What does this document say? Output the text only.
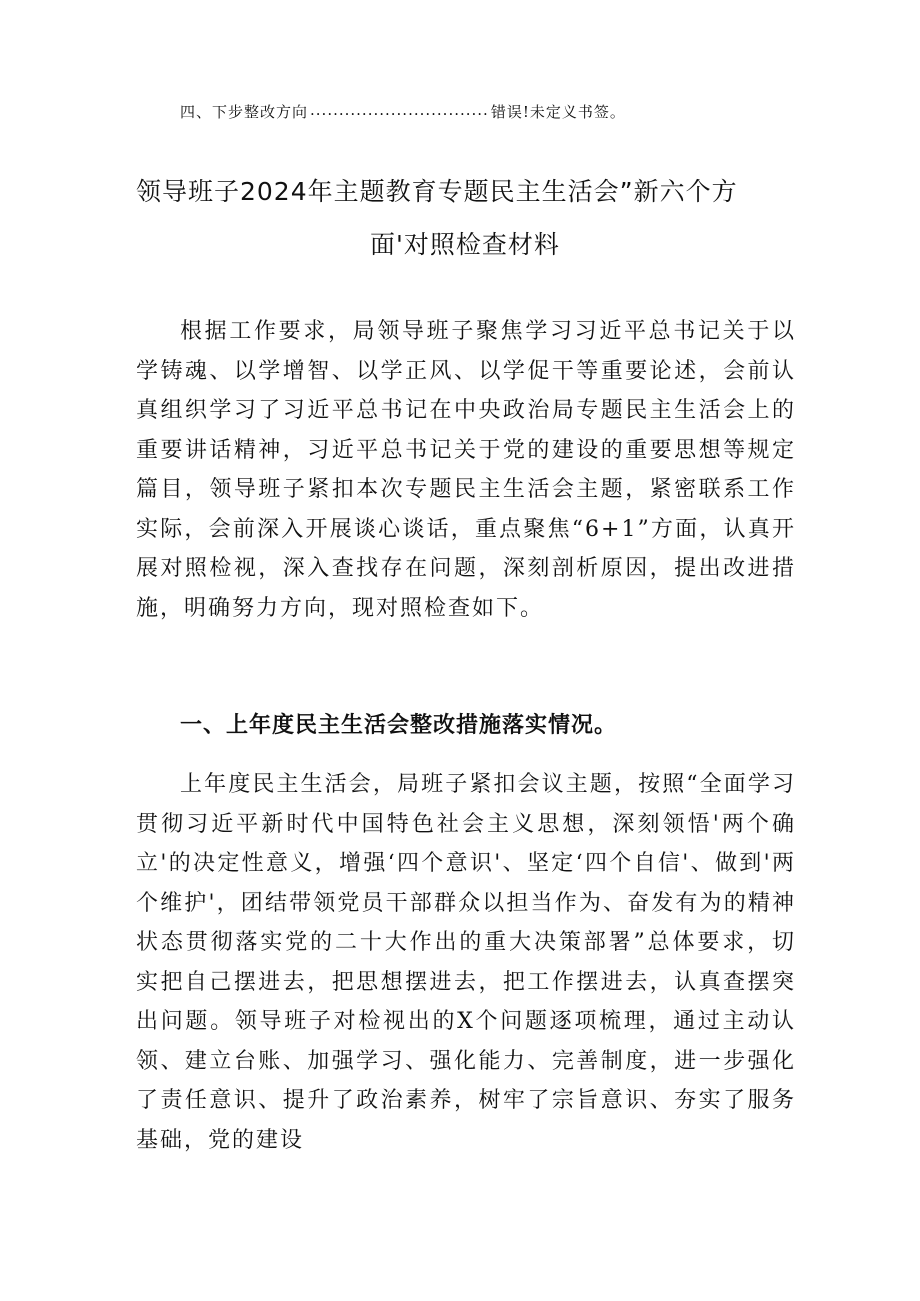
四、下步整改方向 ............................... 错误!未定义书签。
领导班子2024年主题教育专题民主生活会”新六个方
面'对照检查材料

根据工作要求，局领导班子聚焦学习习近平总书记关于以学铸魂、以学增智、以学正风、以学促干等重要论述，会前认真组织学习了习近平总书记在中央政治局专题民主生活会上的重要讲话精神，习近平总书记关于党的建设的重要思想等规定篇目，领导班子紧扣本次专题民主生活会主题，紧密联系工作实际，会前深入开展谈心谈话，重点聚焦“6+1”方面，认真开展对照检视，深入查找存在问题，深刻剖析原因，提出改进措施，明确努力方向，现对照检查如下。

一、上年度民主生活会整改措施落实情况。

上年度民主生活会，局班子紧扣会议主题，按照“全面学习贯彻习近平新时代中国特色社会主义思想，深刻领悟'两个确立'的决定性意义，增强‘四个意识'、坚定‘四个自信'、做到'两个维护'，团结带领党员干部群众以担当作为、奋发有为的精神状态贯彻落实党的二十大作出的重大决策部署”总体要求，切实把自己摆进去，把思想摆进去，把工作摆进去，认真查摆突出问题。领导班子对检视出的X个问题逐项梳理，通过主动认领、建立台账、加强学习、强化能力、完善制度，进一步强化了责任意识、提升了政治素养，树牢了宗旨意识、夯实了服务基础，党的建设
